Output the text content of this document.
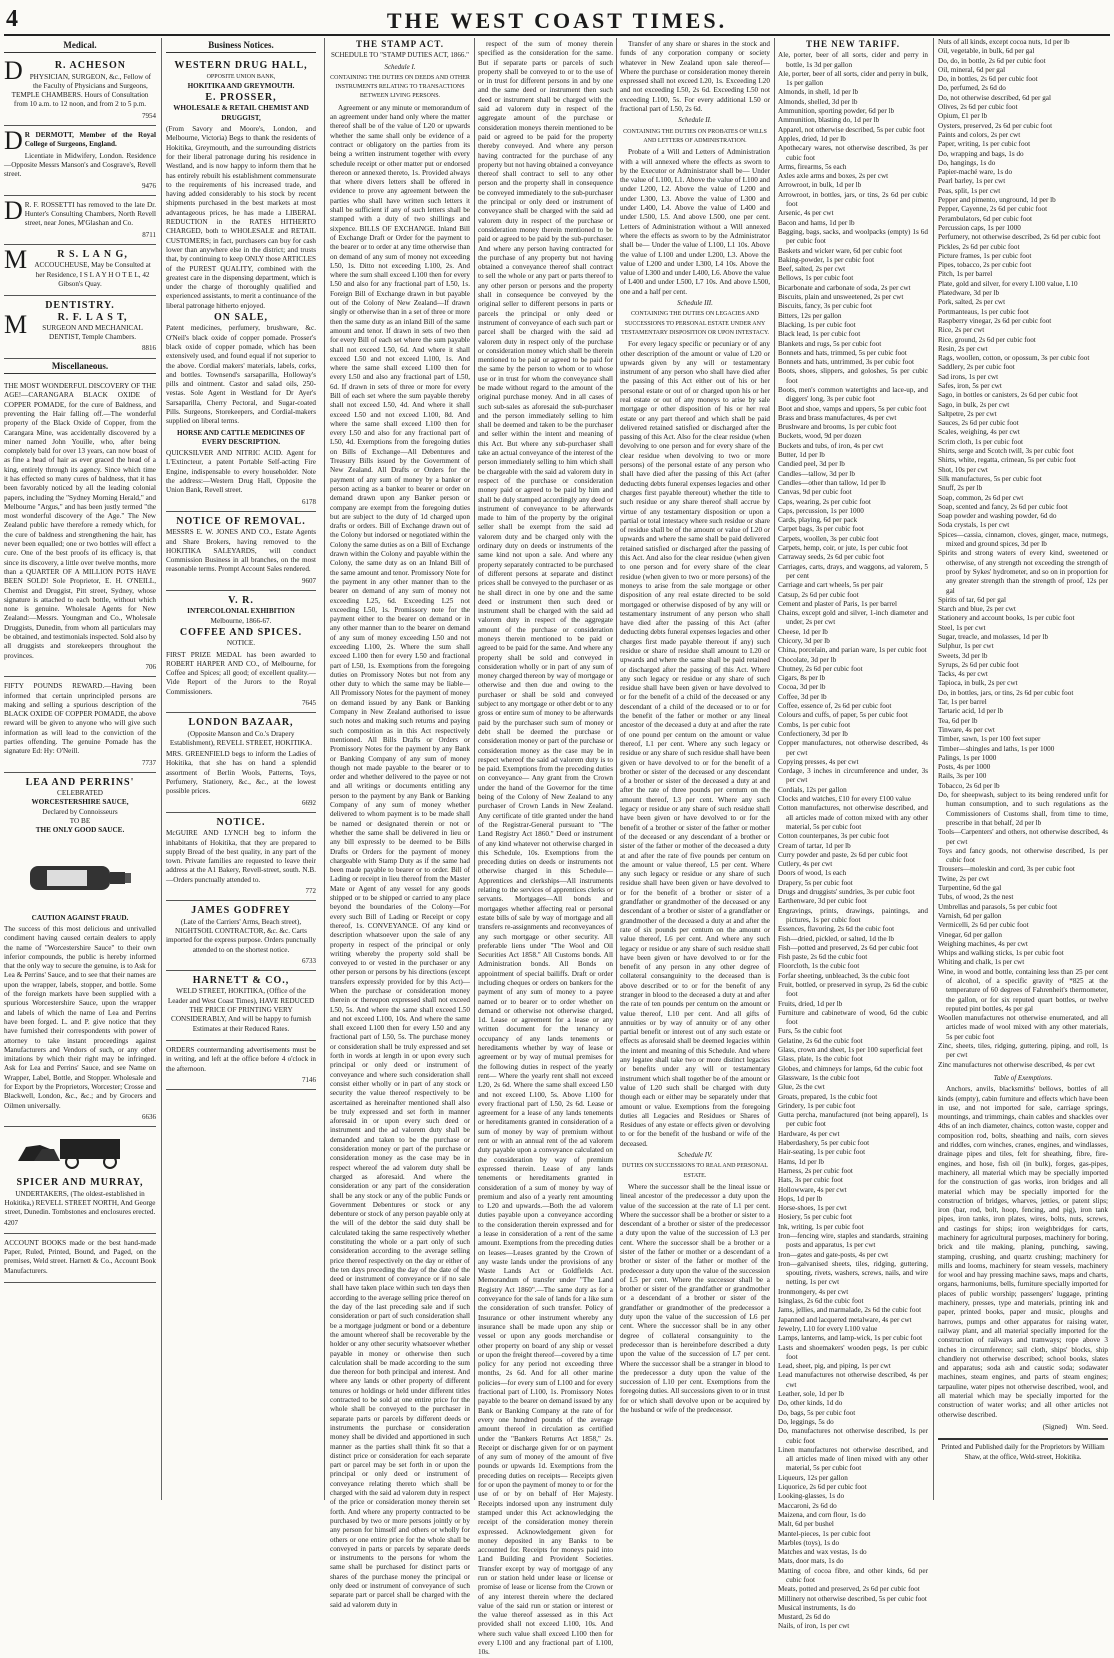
4	THE WEST COAST TIMES.
Medical.
D	R. ACHESON
PHYSICIAN, SURGEON, &c., Fellow of the Faculty of Physicians and Surgeons, TEMPLE CHAMBERS. Hours of Consultation from 10 a.m. to 12 noon, and from 2 to 5 p.m.
7954
D R DERMOTT, Member of the Royal College of Surgeons, England.
Licentiate in Midwifery, London. Residence—Opposite Messrs Manson's and Cosgrave's, Revell street.
9476
D R. F. ROSSETTI has removed to the late Dr. Hunter's Consulting Chambers, North Revell street, near Jones, M'Glashan and Co.
8711
M	R S. L A N G,
ACCOUCHEUSE, May be Consulted at her Residence, I S L A Y H O T E L, 42 Gibson's Quay.
DENTISTRY.
M	R. F. L A S T,
SURGEON AND MECHANICAL DENTIST, Temple Chambers.
8816
Miscellaneous.
THE MOST WONDERFUL DISCOVERY OF THE AGE!—CARANGARA BLACK OXIDE of COPPER POMADE, for the cure of Baldness, and preventing the Hair falling off.—The wonderful property of the Black Oxide of Copper, from the Carangara Mine, was accidentally discovered by a miner named John Youille, who, after being completely bald for over 13 years, can now boast of as fine a head of hair as ever graced the head of a king, entirely through its agency. Since which time it has effected so many cures of baldness, that it has been favorably noticed by all the leading colonial papers, including the "Sydney Morning Herald," and Melbourne "Argus," and has been justly termed "the most wonderful discovery of the Age." The New Zealand public have therefore a remedy which, for the cure of baldness and strengthening the hair, has never been equalled; one or two bottles will effect a cure. One of the best proofs of its efficacy is, that since its discovery, a little over twelve months, more than a QUARTER OF A MILLION POTS HAVE BEEN SOLD! Sole Proprietor, E. H. O'NEILL, Chemist and Druggist, Pitt street, Sydney, whose signature is attached to each bottle, without which none is genuine. Wholesale Agents for New Zealand:—Messrs. Youngman and Co., Wholesale Druggists, Dunedin, from whom all particulars may be obtained, and testimonials inspected. Sold also by all druggists and storekeepers throughout the provinces.
706
FIFTY POUNDS REWARD.—Having been informed that certain unprincipled persons are making and selling a spurious description of the BLACK OXIDE OF COPPER POMADE, the above reward will be given to anyone who will give such information as will lead to the conviction of the parties offending. The genuine Pomade has the signature Ed: Hy: O'Neill.
7737
LEA AND PERRINS'
CELEBRATED
WORCESTERSHIRE SAUCE,
Declared by Connoisseurs
TO BE
THE ONLY GOOD SAUCE.
CAUTION AGAINST FRAUD.
The success of this most delicious and unrivalled condiment having caused certain dealers to apply the name of "Worcestershire Sauce" to their own inferior compounds, the public is hereby informed that the only way to secure the genuine, is to Ask for Lea & Perrins' Sauce, and to see that their names are upon the wrapper, labels, stopper, and bottle. Some of the foreign markets have been supplied with a spurious Worcestershire Sauce, upon the wrapper and labels of which the name of Lea and Perrins have been forged. L. and P. give notice that they have furnished their correspondents with power of attorney to take instant proceedings against Manufacturers and Vendors of such, or any other imitations by which their right may be infringed. Ask for Lea and Perrins' Sauce, and see Name on Wrapper, Label, Bottle, and Stopper. Wholesale and for Export by the Proprietors, Worcester; Crosse and Blackwell, London, &c., &c.; and by Grocers and Oilmen universally.
6636
SPICER AND MURRAY,
UNDERTAKERS, (The oldest-established in Hokitika,) REVELL STREET NORTH, And George street, Dunedin. Tombstones and enclosures erected.
4207
ACCOUNT BOOKS made or the best hand-made Paper, Ruled, Printed, Bound, and Paged, on the premises, Weld street. Harnett & Co., Account Book Manufacturers.
Business Notices.
WESTERN DRUG HALL,
OPPOSITE UNION BANK,
HOKITIKA AND GREYMOUTH.
E. PROSSER,
WHOLESALE & RETAIL CHEMIST AND DRUGGIST,
(From Savory and Moore's, London, and Melbourne, Victoria) Begs to thank the residents of Hokitika, Greymouth, and the surrounding districts for their liberal patronage during his residence in Westland, and is now happy to inform them that he has entirely rebuilt his establishment commensurate to the requirements of his increased trade, and having added considerably to his stock by recent shipments purchased in the best markets at most advantageous prices, he has made a LIBERAL REDUCTION in the RATES HITHERTO CHARGED, both to WHOLESALE and RETAIL CUSTOMERS; in fact, purchasers can buy for cash lower than anywhere else in the district; and trusts that, by continuing to keep ONLY those ARTICLES of the PUREST QUALITY, combined with the greatest care in the dispensing department, which is under the charge of thoroughly qualified and experienced assistants, to merit a continuance of the liberal patronage hitherto enjoyed.
ON SALE,
Patent medicines, perfumery, brushware, &c. O'Neil's black oxide of copper pomade. Prosser's black oxide of copper pomade, which has been extensively used, and found equal if not superior to the above. Cordial makers' materials, labels, corks, and bottles. Townsend's sarsaparilla, Holloway's pills and ointment. Castor and salad oils, 250-vestas. Sole Agent in Westland for Dr Ayer's Sarsaparilla, Cherry Pectoral, and Sugar-coated Pills. Surgeons, Storekeepers, and Cordial-makers supplied on liberal terms.
HORSE AND CATTLE MEDICINES OF EVERY DESCRIPTION.
QUICKSILVER AND NITRIC ACID. Agent for L'Extincteur, a patent Portable Self-acting Fire Engine, indispensable to every householder. Note the address:—Western Drug Hall, Opposite the Union Bank, Revell street.
6178
NOTICE OF REMOVAL.
MESSRS E. W. JONES AND CO., Estate Agents and Share Brokers, having removed to the HOKITIKA SALEYARDS, will conduct Commission Business in all branches, on the most reasonable terms. Prompt Account Sales rendered.
9607
V. R.
INTERCOLONIAL EXHIBITION
Melbourne, 1866-67.
COFFEE AND SPICES.
NOTICE.
FIRST PRIZE MEDAL has been awarded to ROBERT HARPER AND CO., of Melbourne, for Coffee and Spices; all good; of excellent quality.—Vide Report of the Jurors to the Royal Commissioners.
7645
LONDON BAZAAR,
(Opposite Manson and Co.'s Drapery Establishment), REVELL STREET, HOKITIKA.
MRS. GREENFIELD begs to inform the Ladies of Hokitika, that she has on hand a splendid assortment of Berlin Wools, Patterns, Toys, Perfumery, Stationery, &c., &c., at the lowest possible prices.
6692
NOTICE.
McGUIRE AND LYNCH beg to inform the inhabitants of Hokitika, that they are prepared to supply Bread of the best quality, in any part of the town. Private families are requested to leave their address at the A1 Bakery, Revell-street, south. N.B.—Orders punctually attended to.
772
JAMES GODFREY
(Late of the Carriers' Arms, Beach street), NIGHTSOIL CONTRACTOR, &c. &c. Carts imported for the express purpose. Orders punctually attended to on the shortest notice.
6733
HARNETT & CO.,
WELD STREET, HOKITIKA, (Office of the Leader and West Coast Times), HAVE REDUCED THE PRICE OF PRINTING VERY CONSIDERABLY, And will be happy to furnish Estimates at their Reduced Rates.
ORDERS countermanding advertisements must be in writing, and left at the office before 4 o'clock in the afternoon.
7146
THE STAMP ACT.
SCHEDULE TO "STAMP DUTIES ACT, 1866."
Schedule I.
CONTAINING THE DUTIES ON DEEDS AND OTHER INSTRUMENTS RELATING TO TRANSACTIONS BETWEEN LIVING PERSONS.
Agreement or any minute or memorandum of an agreement under hand only where the matter thereof shall be of the value of L20 or upwards whether the same shall only be evidence of a contract or obligatory on the parties from its being a written instrument together with every schedule receipt or other matter put or endorsed thereon or annexed thereto, 1s. Provided always that where divers letters shall be offered in evidence to prove any agreement between the parties who shall have written such letters it shall be sufficient if any of such letters shall be stamped with a duty of two shillings and sixpence. BILLS OF EXCHANGE. Inland Bill of Exchange Draft or Order for the payment to the bearer or to order at any time otherwise than on demand of any sum of money not exceeding L50, 1s. Ditto not exceeding L100, 2s. And where the sum shall exceed L100 then for every L50 and also for any fractional part of L50, 1s. Foreign Bill of Exchange drawn in but payable out of the Colony of New Zealand—If drawn singly or otherwise than in a set of three or more then the same duty as an inland Bill of the same amount and tenor. If drawn in sets of two then for every Bill of each set where the sum payable shall not exceed L50, 6d. And where it shall exceed L50 and not exceed L100, 1s. And where the same shall exceed L100 then for every L50 and also any fractional part of L50, 6d. If drawn in sets of three or more for every Bill of each set where the sum payable thereby shall not exceed L50, 4d. And where it shall exceed L50 and not exceed L100, 8d. And where the same shall exceed L100 then for every L50 and also for any fractional part of L50, 4d. Exemptions from the foregoing duties on Bills of Exchange—All Debentures and Treasury Bills issued by the Government of New Zealand. All Drafts or Orders for the payment of any sum of money by a banker or person acting as a banker to bearer or order on demand drawn upon any Banker person or company are exempt from the foregoing duties but are subject to the duty of 1d charged upon drafts or orders. Bill of Exchange drawn out of the Colony but indorsed or negotiated within the Colony the same duties as on a Bill of Exchange drawn within the Colony and payable within the Colony, the same duty as on an Inland Bill of the same amount and tenor. Promissory Note for the payment in any other manner than to the bearer on demand of any sum of money not exceeding L25, 6d. Exceeding L25 not exceeding L50, 1s. Promissory note for the payment either to the bearer on demand or in any other manner than to the bearer on demand of any sum of money exceeding L50 and not exceeding L100, 2s. Where the sum shall exceed L100 then for every L50 and fractional part of L50, 1s. Exemptions from the foregoing duties on Promissory Notes but not from any other duty to which the same may be liable—All Promissory Notes for the payment of money on demand issued by any Bank or Banking Company in New Zealand authorised to issue such notes and making such returns and paying such composition as in this Act respectively mentioned. All Bills Drafts or Orders or Promissory Notes for the payment by any Bank or Banking Company of any sum of money though not made payable to the bearer or to order and whether delivered to the payee or not and all writings or documents entitling any person to the payment by any Bank or Banking Company of any sum of money whether delivered to whom payment is to be made shall be named or designated therein or not or whether the same shall be delivered in lieu or any bill expressly to be deemed to be Bills Drafts or Orders for the payment of money chargeable with Stamp Duty as if the same had been made payable to bearer or to order. Bill of Lading or receipt in lieu thereof from the Master Mate or Agent of any vessel for any goods shipped or to be shipped or carried to any place beyond the boundaries of the Colony—For every such Bill of Lading or Receipt or copy thereof, 1s. CONVEYANCE. Of any kind or description whatsoever upon the sale of any property in respect of the principal or only writing whereby the property sold shall be conveyed to or vested in the purchaser or any other person or persons by his directions (except transfers expressly provided for by this Act)— When the purchase or consideration money therein or thereupon expressed shall not exceed L50, 5s. And where the same shall exceed L50 and not exceed L100, 10s. And where the same shall exceed L100 then for every L50 and any fractional part of L50, 5s. The purchase money or consideration shall be truly expressed and set forth in words at length in or upon every such principal or only deed or instrument of conveyance and where such consideration shall consist either wholly or in part of any stock or security the value thereof respectively to be ascertained as hereinafter mentioned shall also be truly expressed and set forth in manner aforesaid in or upon every such deed or instrument and the ad valorem duty shall be demanded and taken to be the purchase or consideration money or part of the purchase or consideration money as the case may be in respect whereof the ad valorem duty shall be charged as aforesaid. And where the consideration or any part of the consideration shall be any stock or any of the public Funds or Government Debentures or stock or any debenture or stock of any person payable only at the will of the debtor the said duty shall be calculated taking the same respectively whether constituting the whole or a part only of such consideration according to the average selling price thereof respectively on the day or either of the ten days preceding the day of the date of the deed or instrument of conveyance or if no sale shall have taken place within such ten days then according to the average selling price thereof on the day of the last preceding sale and if such consideration or part of such consideration shall be a mortgage judgment or bond or a debenture the amount whereof shall be recoverable by the holder or any other security whatsoever whether payable in money or otherwise then such calculation shall be made according to the sum due thereon for both principal and interest. And where any lands or other property of different tenures or holdings or held under different titles contracted to be sold at one entire price for the whole shall be conveyed to the purchaser in separate parts or parcels by different deeds or instruments the purchase or consideration money shall be divided and apportioned in such manner as the parties shall think fit so that a distinct price or consideration for each separate part or parcel may be set forth in or upon the principal or only deed or instrument of conveyance relating thereto which shall be charged with the said ad valorem duty in respect of the price or consideration money therein set forth. And where any property contracted to be purchased by two or more persons jointly or by any person for himself and others or wholly for others or one entire price for the whole shall be conveyed in parts or parcels by separate deeds or instruments to the persons for whom the same shall be purchased for distinct parts or shares of the purchase money the principal or only deed or instrument of conveyance of such separate part or parcel shall be charged with the said ad valorem duty in
respect of the sum of money therein specified as the consideration for the same. But if separate parts or parcels of such property shall be conveyed to or to the use of or in trust for different persons in and by one and the same deed or instrument then such deed or instrument shall be charged with the said ad valorem duty in respect of the aggregate amount of the purchase or consideration moneys therein mentioned to be paid or agreed to be paid for the property thereby conveyed. And where any person having contracted for the purchase of any property but not having obtained a conveyance thereof shall contract to sell to any other person and the property shall in consequence be conveyed immediately to the sub-purchaser the principal or only deed or instrument of conveyance shall be charged with the said ad valorem duty in respect of the purchase or consideration money therein mentioned to be paid or agreed to be paid by the sub-purchaser. And where any person having contracted for the purchase of any property but not having obtained a conveyance thereof shall contract to sell the whole or any part or parts thereof to any other person or persons and the property shall in consequence be conveyed by the original seller to different persons in parts or parcels the principal or only deed or instrument of conveyance of each such part or parcel shall be charged with the said ad valorem duty in respect only of the purchase or consideration money which shall be therein mentioned to be paid or agreed to be paid for the same by the person to whom or to whose use or in trust for whom the conveyance shall be made without regard to the amount of the original purchase money. And in all cases of such sub-sales as aforesaid the sub-purchaser and the person immediately selling to him shall be deemed and taken to be the purchaser and seller within the intent and meaning of this Act. But where any sub-purchaser shall take an actual conveyance of the interest of the person immediately selling to him which shall be chargeable with the said ad valorem duty in respect of the purchase or consideration money paid or agreed to be paid by him and shall be duly stamped accordingly any deed or instrument of conveyance to be afterwards made to him of the property by the original seller shall be exempt from the said ad valorem duty and be charged only with the ordinary duty on deeds or instruments of the same kind not upon a sale. And where any property separately contracted to be purchased of different persons at separate and distinct prices shall be conveyed to the purchaser or as he shall direct in one by one and the same deed or instrument then such deed or instrument shall be charged with the said ad valorem duty in respect of the aggregate amount of the purchase or consideration moneys therein mentioned to be paid or agreed to be paid for the same. And where any property shall be sold and conveyed in consideration wholly or in part of any sum of money charged thereon by way of mortgage or otherwise and then due and owing to the purchaser or shall be sold and conveyed subject to any mortgage or other debt or to any gross or entire sum of money to be afterwards paid by the purchaser such sum of money or debt shall be deemed the purchase or consideration money or part of the purchase or consideration money as the case may be in respect whereof the said ad valorem duty is to be paid. Exemptions from the preceding duties on conveyance— Any grant from the Crown under the hand of the Governor for the time being of the Colony of New Zealand to any purchaser of Crown Lands in New Zealand. Any certificate of title granted under the hand of the Registrar-General pursuant to "The Land Registry Act 1860." Deed or instrument of any kind whatever not otherwise charged in this Schedule, 10s. Exemptions from the preceding duties on deeds or instruments not otherwise charged in this Schedule— Apprentices and clerkships—All instruments relating to the services of apprentices clerks or servants. Mortgages—All bonds and mortgages whether affecting real or personal estate bills of sale by way of mortgage and all transfers re-assignments and reconveyances of any such mortgage or other security. All preferable liens under "The Wool and Oil Securities Act 1858." All Customs bonds. All Administration bonds. All Bonds on appointment of special bailiffs. Draft or order including cheques or orders on bankers for the payment of any sum of money to a payee named or to bearer or to order whether on demand or otherwise not otherwise charged, 1d. Lease or agreement for a lease or any written document for the tenancy or occupancy of any lands tenements or hereditaments whether by way of lease or agreement or by way of mutual premises for the following duties in respect of the yearly rent— Where the yearly rent shall not exceed L20, 2s 6d. Where the same shall exceed L50 and not exceed L100, 5s. Above L100 for every fractional part of L50, 2s 6d. Lease or agreement for a lease of any lands tenements or hereditaments granted in consideration of a sum of money by way of premium without rent or with an annual rent of the ad valorem duty payable upon a conveyance calculated on the consideration by way of premium expressed therein. Lease of any lands tenements or hereditaments granted in consideration of a sum of money by way of premium and also of a yearly rent amounting to L20 and upwards.—Both the ad valorem duties payable upon a conveyance according to the consideration therein expressed and for a lease in consideration of a rent of the same amount. Exemptions from the preceding duties on leases—Leases granted by the Crown of any waste lands under the provisions of any Waste Lands Act or Goldfields Act. Memorandum of transfer under "The Land Registry Act 1860".—The same duty as for a conveyance for the sale of lands for a like sum the consideration of such transfer. Policy of Insurance or other instrument whereby any insurance shall be made upon any ship or vessel or upon any goods merchandise or other property on board of any ship or vessel or upon the freight thereof—covered by a time policy for any period not exceeding three months, 2s 6d. And for all other marine policies—for every sum of L100 and for every fractional part of L100, 1s. Promissory Notes payable to the bearer on demand issued by any Bank or Banking Company at the rate of for every one hundred pounds of the average amount thereof in circulation as certified under the "Bankers Returns Act 1858," 2s. Receipt or discharge given for or on payment of any sum of money of the amount of five pounds or upwards 1d. Exemptions from the preceding duties on receipts— Receipts given for or upon the payment of money to or for the use of or by on behalf of Her Majesty. Receipts indorsed upon any instrument duly stamped under this Act acknowledging the receipt of the consideration money therein expressed. Acknowledgement given for money deposited in any Banks to be accounted for. Receipts for moneys paid into Land Building and Provident Societies. Transfer except by way of mortgage of any run or station held under lease or license or promise of lease or license from the Crown or of any interest therein where the declared value of the said run or station or interest or the value thereof assessed as in this Act provided shall not exceed L100, 10s. And where such value shall exceed L100 then for every L100 and any fractional part of L100, 10s.
Transfer of any share or shares in the stock and funds of any corporation company or society whatever in New Zealand upon sale thereof— Where the purchase or consideration money therein expressed shall not exceed L20, 1s. Exceeding L20 and not exceeding L50, 2s 6d. Exceeding L50 not exceeding L100, 5s. For every additional L50 or fractional part of L50, 2s 6d.
Schedule II.
CONTAINING THE DUTIES ON PROBATES OF WILLS AND LETTERS OF ADMINISTRATION.
Probate of a Will and Letters of Administration with a will annexed where the effects as sworn to by the Executor or Administrator shall be— Under the value of L100, L1. Above the value of L100 and under L200, L2. Above the value of L200 and under L300, L3. Above the value of L300 and under L400, L4. Above the value of L400 and under L500, L5. And above L500, one per cent. Letters of Administration without a Will annexed where the effects as sworn to by the Administrator shall be— Under the value of L100, L1 10s. Above the value of L100 and under L200, L3. Above the value of L200 and under L300, L4 10s. Above the value of L300 and under L400, L6. Above the value of L400 and under L500, L7 10s. And above L500, one and a half per cent.
Schedule III.
CONTAINING THE DUTIES ON LEGACIES AND SUCCESSIONS TO PERSONAL ESTATE UNDER ANY TESTAMENTARY DISPOSITION OR UPON INTESTACY.
For every legacy specific or pecuniary or of any other description of the amount or value of L20 or upwards given by any will or testamentary instrument of any person who shall have died after the passing of this Act either out of his or her personal estate or out of or charged upon his or her real estate or out of any moneys to arise by sale mortgage or other disposition of his or her real estate or any part thereof and which shall be paid delivered retained satisfied or discharged after the passing of this Act. Also for the clear residue (when devolving to one person and for every share of the clear residue when devolving to two or more persons) of the personal estate of any person who shall have died after the passing of this Act (after deducting debts funeral expenses legacies and other charges first payable thereout) whether the title to such residue or any share thereof shall accrue by virtue of any testamentary disposition or upon a partial or total intestacy where such residue or share of residue shall be of the amount or value of L20 or upwards and where the same shall be paid delivered retained satisfied or discharged after the passing of this Act. And also for the clear residue (when given to one person and for every share of the clear residue (when given to two or more persons) of the moneys to arise from the sale mortgage or other disposition of any real estate directed to be sold mortgaged or otherwise disposed of by any will or testamentary instrument of any person who shall have died after the passing of this Act (after deducting debts funeral expenses legacies and other charges first made payable thereout if any) such residue or share of residue shall amount to L20 or upwards and where the same shall be paid retained or discharged after the passing of this Act. Where any such legacy or residue or any share of such residue shall have been given or have devolved to or for the benefit of a child of the deceased or any descendant of a child of the deceased or to or for the benefit of the father or mother or any lineal ancestor of the deceased a duty at and after the rate of one pound per centum on the amount or value thereof, L1 per cent. Where any such legacy or residue or any share of such residue shall have been given or have devolved to or for the benefit of a brother or sister of the deceased or any descendant of a brother or sister of the deceased a duty at and after the rate of three pounds per centum on the amount thereof, L3 per cent. Where any such legacy or residue or any share of such residue shall have been given or have devolved to or for the benefit of a brother or sister of the father or mother of the deceased or any descendant of a brother or sister of the father or mother of the deceased a duty at and after the rate of five pounds per centum on the amount or value thereof, L5 per cent. Where any such legacy or residue or any share of such residue shall have been given or have devolved to or for the benefit of a brother or sister of a grandfather or grandmother of the deceased or any descendant of a brother or sister of a grandfather or grandmother of the deceased a duty at and after the rate of six pounds per centum on the amount or value thereof, L6 per cent. And where any such legacy or residue or any share of such residue shall have been given or have devolved to or for the benefit of any person in any other degree of collateral consanguinity to the deceased than is above described or to or for the benefit of any stranger in blood to the deceased a duty at and after the rate of ten pounds per centum on the amount or value thereof, L10 per cent. And all gifts of annuities or by way of annuity or of any other partial benefit or interest out of any such estate or effects as aforesaid shall be deemed legacies within the intent and meaning of this Schedule. And where any legatee shall take two or more distinct legacies or benefits under any will or testamentary instrument which shall together be of the amount or value of L20 such shall be charged with duty though each or either may be separately under that amount or value. Exemptions from the foregoing duties all Legacies and Residues or Shares of Residues of any estate or effects given or devolving to or for the benefit of the husband or wife of the deceased.
Schedule IV.
DUTIES ON SUCCESSIONS TO REAL AND PERSONAL ESTATE.
Where the successor shall be the lineal issue or lineal ancestor of the predecessor a duty upon the value of the succession at the rate of L1 per cent. Where the successor shall be a brother or sister to a descendant of a brother or sister of the predecessor a duty upon the value of the succession of L3 per cent. Where the successor shall be a brother or a sister of the father or mother or a descendant of a brother or sister of the father or mother of the predecessor a duty upon the value of the succession of L5 per cent. Where the successor shall be a brother or sister of the grandfather or grandmother or a descendant of a brother or sister of the grandfather or grandmother of the predecessor a duty upon the value of the succession of L6 per cent. Where the successor shall be in any other degree of collateral consanguinity to the predecessor than is hereinbefore described a duty upon the value of the succession of L7 per cent. Where the successor shall be a stranger in blood to the predecessor a duty upon the value of the succession of L10 per cent. Exemptions from the foregoing duties. All successions given to or in trust for or which shall devolve upon or be acquired by the husband or wife of the predecessor.
THE NEW TARIFF.
Ale, porter, beer of all sorts, cider and perry in bottle, 1s 3d per gallon
Ale, porter, beer of all sorts, cider and perry in bulk, 1s per gallon
Almonds, in shell, 1d per lb
Almonds, shelled, 3d per lb
Ammunition, sporting powder, 6d per lb
Ammunition, blasting do, 1d per lb
Apparel, not otherwise described, 5s per cubic foot
Apples, dried, 1d per lb
Apothecary wares, not otherwise described, 3s per cubic foot
Arms, firearms, 5s each
Axles axle arms and boxes, 2s per cwt
Arrowroot, in bulk, 1d per lb
Arrowroot, in bottles, jars, or tins, 2s 6d per cubic foot
Arsenic, 4s per cwt
Bacon and hams, 1d per lb
Bagging, bags, sacks, and woolpacks (empty) 1s 6d per cubic foot
Baskets and wicker ware, 6d per cubic foot
Baking-powder, 1s per cubic foot
Beef, salted, 2s per cwt
Bellows, 1s per cubic foot
Bicarbonate and carbonate of soda, 2s per cwt
Biscuits, plain and unsweetened, 2s per cwt
Biscuits, fancy, 3s per cubic foot
Bitters, 12s per gallon
Blacking, 1s per cubic foot
Black lead, 1s per cubic foot
Blankets and rugs, 5s per cubic foot
Bonnets and hats, trimmed, 5s per cubic foot
Bonnets and hats, untrimmed, 3s per cubic foot
Boots, shoes, slippers, and goloshes, 5s per cubic foot
Boots, men's common watertights and lace-up, and diggers' long, 3s per cubic foot
Boot and shoe, vamps and uppers, 5s per cubic foot
Brass and brass manufactures, 4s per cwt
Brushware and brooms, 1s per cubic foot
Buckets, wood, 9d per dozen
Buckets and tubs, of iron, 4s per cwt
Butter, 1d per lb
Candied peel, 3d per lb
Candles—tallow, 3d per lb
Candles—other than tallow, 1d per lb
Canvas, 9d per cubic foot
Caps, wearing, 2s per cubic foot
Caps, percussion, 1s per 1000
Cards, playing, 6d per pack
Carpet bags, 3s per cubic foot
Carpets, woollen, 3s per cubic foot
Carpets, hemp, coir, or jute, 1s per cubic foot
Carraway seeds, 2s 6d per cubic foot
Carriages, carts, drays, and waggons, ad valorem, 5 per cent
Carriage and cart wheels, 5s per pair
Catsup, 2s 6d per cubic foot
Cement and plaster of Paris, 1s per barrel
Chains, except gold and silver, 1-inch diameter and under, 2s per cwt
Cheese, 1d per lb
Chicory, 3d per lb
China, porcelain, and parian ware, 1s per cubic foot
Chocolate, 3d per lb
Chutney, 2s 6d per cubic foot
Cigars, 8s per lb
Cocoa, 3d per lb
Coffee, 3d per lb
Coffee, essence of, 2s 6d per cubic foot
Colours and cuffs, of paper, 5s per cubic foot
Combs, 1s per cubic foot
Confectionery, 3d per lb
Copper manufactures, not otherwise described, 4s per cwt
Copying presses, 4s per cwt
Cordage, 3 inches in circumference and under, 3s per cwt
Cordials, 12s per gallon
Clocks and watches, £10 for every £100 value
Cotton manufactures, not otherwise described, and all articles made of cotton mixed with any other material, 5s per cubic foot
Cotton counterpanes, 3s per cubic foot
Cream of tartar, 1d per lb
Curry powder and paste, 2s 6d per cubic foot
Cutlery, 4s per cwt
Doors of wood, 1s each
Drapery, 5s per cubic foot
Drugs and druggists' sundries, 3s per cubic foot
Earthenware, 3d per cubic foot
Engravings, prints, drawings, paintings, and pictures, 1s per cubic foot
Essences, flavoring, 2s 6d the cubic foot
Fish—dried, pickled, or salted, 1d the lb
Fish—potted and preserved, 2s 6d per cubic foot
Fish paste, 2s 6d the cubic foot
Floorcloth, 1s the cubic foot
Forfar sheeting, unbleached, 3s the cubic foot
Fruit, bottled, or preserved in syrup, 2s 6d the cubic foot
Fruits, dried, 1d per lb
Furniture and cabinetware of wood, 6d the cubic foot
Furs, 5s the cubic foot
Gelatine, 2s 6d the cubic foot
Glass, crown and sheet, 1s per 100 superficial feet
Glass, plate, 1s the cubic foot
Globes, and chimneys for lamps, 6d the cubic foot
Glassware, 1s the cubic foot
Glue, 2s the cwt
Groats, prepared, 1s the cubic foot
Grindery, 1s per cubic foot
Gutta percha, manufactured (not being apparel), 1s per cubic foot
Hardware, 4s per cwt
Haberdashery, 5s per cubic foot
Hair-seating, 1s per cubic foot
Hams, 1d per lb
Harness, 2s per cubic foot
Hats, 3s per cubic foot
Hollowware, 4s per cwt
Hops, 1d per lb
Horse-shoes, 1s per cwt
Hosiery, 5s per cubic foot
Ink, writing, 1s per cubic foot
Iron—fencing wire, staples and standards, straining posts and apparatus, 1s per cwt
Iron—gates and gate-posts, 4s per cwt
Iron—galvanised sheets, tiles, ridging, guttering, spouting, rivets, washers, screws, nails, and wire netting, 1s per cwt
Ironmongery, 4s per cwt
Isinglass, 2s 6d the cubic foot
Jams, jellies, and marmalade, 2s 6d the cubic foot
Japanned and lacquered metalware, 4s per cwt
Jewelry, L10 for every L100 value
Lamps, lanterns, and lamp-wick, 1s per cubic foot
Lasts and shoemakers' wooden pegs, 1s per cubic foot
Lead, sheet, pig, and piping, 1s per cwt
Lead manufactures not otherwise described, 4s per cwt
Leather, sole, 1d per lb
Do, other kinds, 1d do
Do, bags, 5s per cubic foot
Do, leggings, 5s do
Do, manufactures not otherwise described, 1s per cubic foot
Linen manufactures not otherwise described, and all articles made of linen mixed with any other material, 5s per cubic foot
Liqueurs, 12s per gallon
Liquorice, 2s 6d per cubic foot
Looking-glasses, 1s do
Maccaroni, 2s 6d do
Maizena, and corn flour, 1s do
Malt, 6d per bushel
Mantel-pieces, 1s per cubic foot
Marbles (toys), 1s do
Matches and wax vestas, 1s do
Mats, door mats, 1s do
Matting of cocoa fibre, and other kinds, 6d per cubic foot
Meats, potted and preserved, 2s 6d per cubic foot
Millinery not otherwise described, 5s per cubic foot
Musical instruments, 1s do
Mustard, 2s 6d do
Nails, of iron, 1s per cwt
Nuts of all kinds, except cocoa nuts, 1d per lb
Oil, vegetable, in bulk, 6d per gal
Do, do, in bottle, 2s 6d per cubic foot
Oil, mineral, 6d per gal
Do, in bottles, 2s 6d per cubic foot
Do, perfumed, 2s 6d do
Do, not otherwise described, 6d per gal
Olives, 2s 6d per cubic foot
Opium, £1 per lb
Oysters, preserved, 2s 6d per cubic foot
Paints and colors, 2s per cwt
Paper, writing, 1s per cubic foot
Do, wrapping and bags, 1s do
Do, hangings, 1s do
Papier-maché ware, 1s do
Pearl barley, 1s per cwt
Peas, split, 1s per cwt
Pepper and pimento, unground, 1d per lb
Pepper, Cayenne, 2s 6d per cubic foot
Perambulators, 6d per cubic foot
Percussion caps, 1s per 1000
Perfumery, not otherwise described, 2s 6d per cubic foot
Pickles, 2s 6d per cubic foot
Picture frames, 1s per cubic foot
Pipes, tobacco, 2s per cubic foot
Pitch, 1s per barrel
Plate, gold and silver, for every L100 value, L10
Platedware, 3d per lb
Pork, salted, 2s per cwt
Portmanteaus, 1s per cubic foot
Raspberry vinegar, 2s 6d per cubic foot
Rice, 2s per cwt
Rice, ground, 2s 6d per cubic foot
Resin, 2s per cwt
Rags, woollen, cotton, or opossum, 3s per cubic foot
Saddlery, 2s per cubic foot
Sad irons, 1s per cwt
Safes, iron, 5s per cwt
Sago, in bottles or canisters, 2s 6d per cubic foot
Sago, in bulk, 2s per cwt
Saltpetre, 2s per cwt
Sauces, 2s 6d per cubic foot
Scales, weighing, 4s per cwt
Scrim cloth, 1s per cubic foot
Shirts, serge and Scotch twill, 3s per cubic foot
Shirts, white, regatta, crimean, 5s per cubic foot
Shot, 10s per cwt
Silk manufactures, 5s per cubic foot
Snuff, 2s per lb
Soap, common, 2s 6d per cwt
Soap, scented and fancy, 2s 6d per cubic foot
Soap powder and washing powder, 6d do
Soda crystals, 1s per cwt
Spices—cassia, cinnamon, cloves, ginger, mace, nutmegs, mixed and ground spices, 3d per lb
Spirits and strong waters of every kind, sweetened or otherwise, of any strength not exceeding the strength of proof by Sykes' hydrometer, and so on in proportion for any greater strength than the strength of proof, 12s per gal
Spirits of tar, 6d per gal
Starch and blue, 2s per cwt
Stationery and account books, 1s per cubic foot
Steel, 1s per cwt
Sugar, treacle, and molasses, 1d per lb
Sulphur, 1s per cwt
Sweets, 3d per lb
Syrups, 2s 6d per cubic foot
Tacks, 4s per cwt
Tapioca, in bulk, 2s per cwt
Do, in bottles, jars, or tins, 2s 6d per cubic foot
Tar, 1s per barrel
Tartaric acid, 1d per lb
Tea, 6d per lb
Tinware, 4s per cwt
Timber, sawn, 1s per 100 feet super
Timber—shingles and laths, 1s per 1000
Palings, 1s per 1000
Posts, 4s per 1000
Rails, 3s per 100
Tobacco, 2s 6d per lb
Do, for sheepwash, subject to its being rendered unfit for human consumption, and to such regulations as the Commissioners of Customs shall, from time to time, prescribe in that behalf, 2d per lb
Tools—Carpenters' and others, not otherwise described, 4s per cwt
Toys and fancy goods, not otherwise described, 1s per cubic foot
Trousers—moleskin and cord, 3s per cubic foot
Twine, 2s per cwt
Turpentine, 6d the gal
Tubs, of wood, 2s the nest
Umbrellas and parasols, 5s per cubic foot
Varnish, 6d per gallon
Vermicelli, 2s 6d per cubic foot
Vinegar, 6d per gallon
Weighing machines, 4s per cwt
Whips and walking sticks, 1s per cubic foot
Whiting and chalk, 1s per cwt
Wine, in wood and bottle, containing less than 25 per cent of alcohol, of a specific gravity of *825 at the temperature of 60 degrees of Fahrenheit's thermometer, the gallon, or for six reputed quart bottles, or twelve reputed pint bottles, 4s per gal
Woollen manufactures not otherwise enumerated, and all articles made of wool mixed with any other materials, 5s per cubic foot
Zinc, sheets, tiles, ridging, guttering, piping, and roll, 1s per cwt
Zinc manufactures not otherwise described, 4s per cwt
Table of Exemptions.
Anchors, anvils, blacksmiths' bellows, bottles of all kinds (empty), cabin furniture and effects which have been in use, and not imported for sale, carriage springs, mountings, and trimmings, chain cables and shackles over 4ths of an inch diameter, chaincs, cotton waste, copper and composition rod, bolts, sheathing and nails, corn sieves and riddles, corn winches, cranes, engines, and windlasses, drainage pipes and tiles, felt for sheathing, fibre, fire-engines, and hose, fish oil (in bulk), forges, gas-pipes, machinery, all material which may be specially imported for the construction of gas works, iron bridges and all material which may be specially imported for the construction of bridges, wharves, jetties, or patent slips; iron (bar, rod, bolt, hoop, fencing, and pig), iron tank pipes, iron tanks, iron plates, wires, bolts, nuts, screws, and castings for ships; iron weighbridges for carts, machinery for agricultural purposes, machinery for boring, brick and tile making, planing, punching, sawing, stamping, crushing, and quartz crushing; machinery for mills and looms, machinery for steam vessels, machinery for wool and hay pressing machine saws, maps and charts, organs, harmoniums, bells, furniture specially imported for places of public worship; passengers' luggage, printing machinery, presses, type and materials, printing ink and paper, printed books, paper and music, ploughs and harrows, pumps and other apparatus for raising water, railway plant, and all material specially imported for the construction of railways and tramways; rope above 3 inches in circumference; sail cloth, ships' blocks, ship chandlery not otherwise described; school books, slates and apparatus; soda ash and caustic soda; sodawater machines, steam engines, and parts of steam engines; tarpauline, water pipes not otherwise described, wool, and all material which may be specially imported for the construction of water works; and all other articles not otherwise described.
(Signed) Wm. Seed.
Printed and Published daily for the Proprietors by William Shaw, at the office, Weld-street, Hokitika.
